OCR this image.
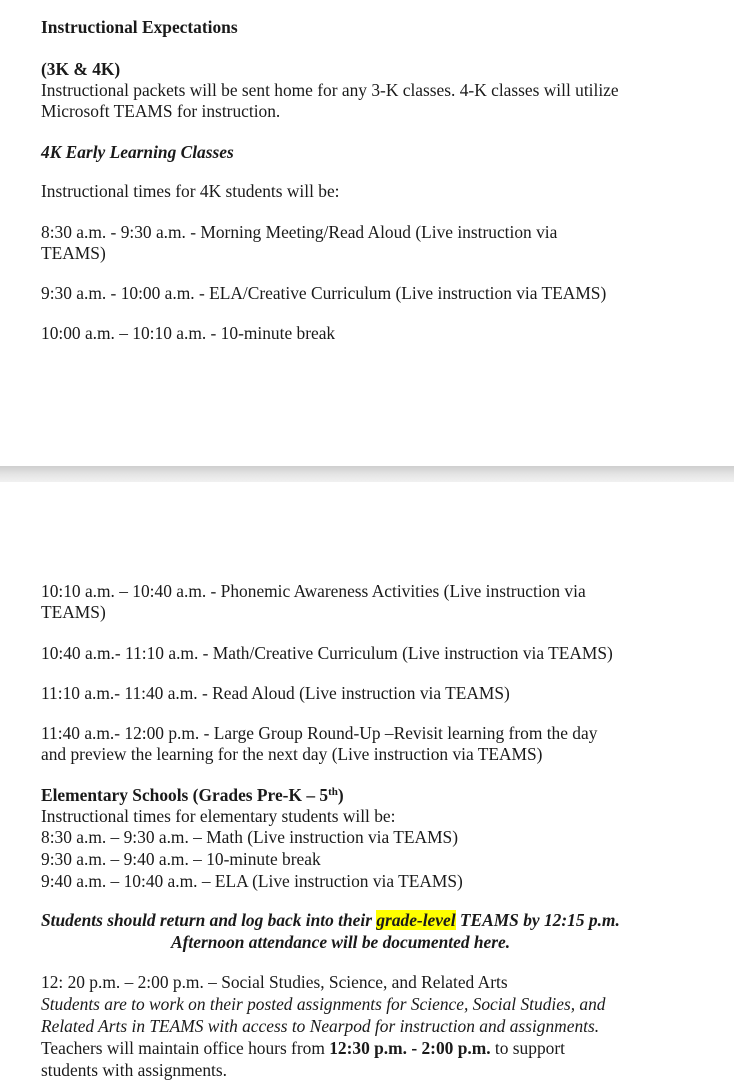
Instructional Expectations
(3K & 4K)
Instructional packets will be sent home for any 3-K classes. 4-K classes will utilize
Microsoft TEAMS for instruction.
4K Early Learning Classes
Instructional times for 4K students will be:
8:30 a.m. - 9:30 a.m. - Morning Meeting/Read Aloud (Live instruction via
TEAMS)
9:30 a.m. - 10:00 a.m. - ELA/Creative Curriculum (Live instruction via TEAMS)
10:00 a.m. – 10:10 a.m. - 10-minute break
10:10 a.m. – 10:40 a.m. - Phonemic Awareness Activities (Live instruction via
TEAMS)
10:40 a.m.- 11:10 a.m. - Math/Creative Curriculum (Live instruction via TEAMS)
11:10 a.m.- 11:40 a.m. - Read Aloud (Live instruction via TEAMS)
11:40 a.m.- 12:00 p.m. - Large Group Round-Up –Revisit learning from the day
and preview the learning for the next day (Live instruction via TEAMS)
Elementary Schools (Grades Pre-K – 5th)
Instructional times for elementary students will be:
8:30 a.m. – 9:30 a.m. – Math (Live instruction via TEAMS)
9:30 a.m. – 9:40 a.m. – 10-minute break
9:40 a.m. – 10:40 a.m. – ELA (Live instruction via TEAMS)
Students should return and log back into their grade-level TEAMS by 12:15 p.m.
Afternoon attendance will be documented here.
12: 20 p.m. – 2:00 p.m. – Social Studies, Science, and Related Arts
Students are to work on their posted assignments for Science, Social Studies, and
Related Arts in TEAMS with access to Nearpod for instruction and assignments.
Teachers will maintain office hours from 12:30 p.m. - 2:00 p.m. to support
students with assignments.
